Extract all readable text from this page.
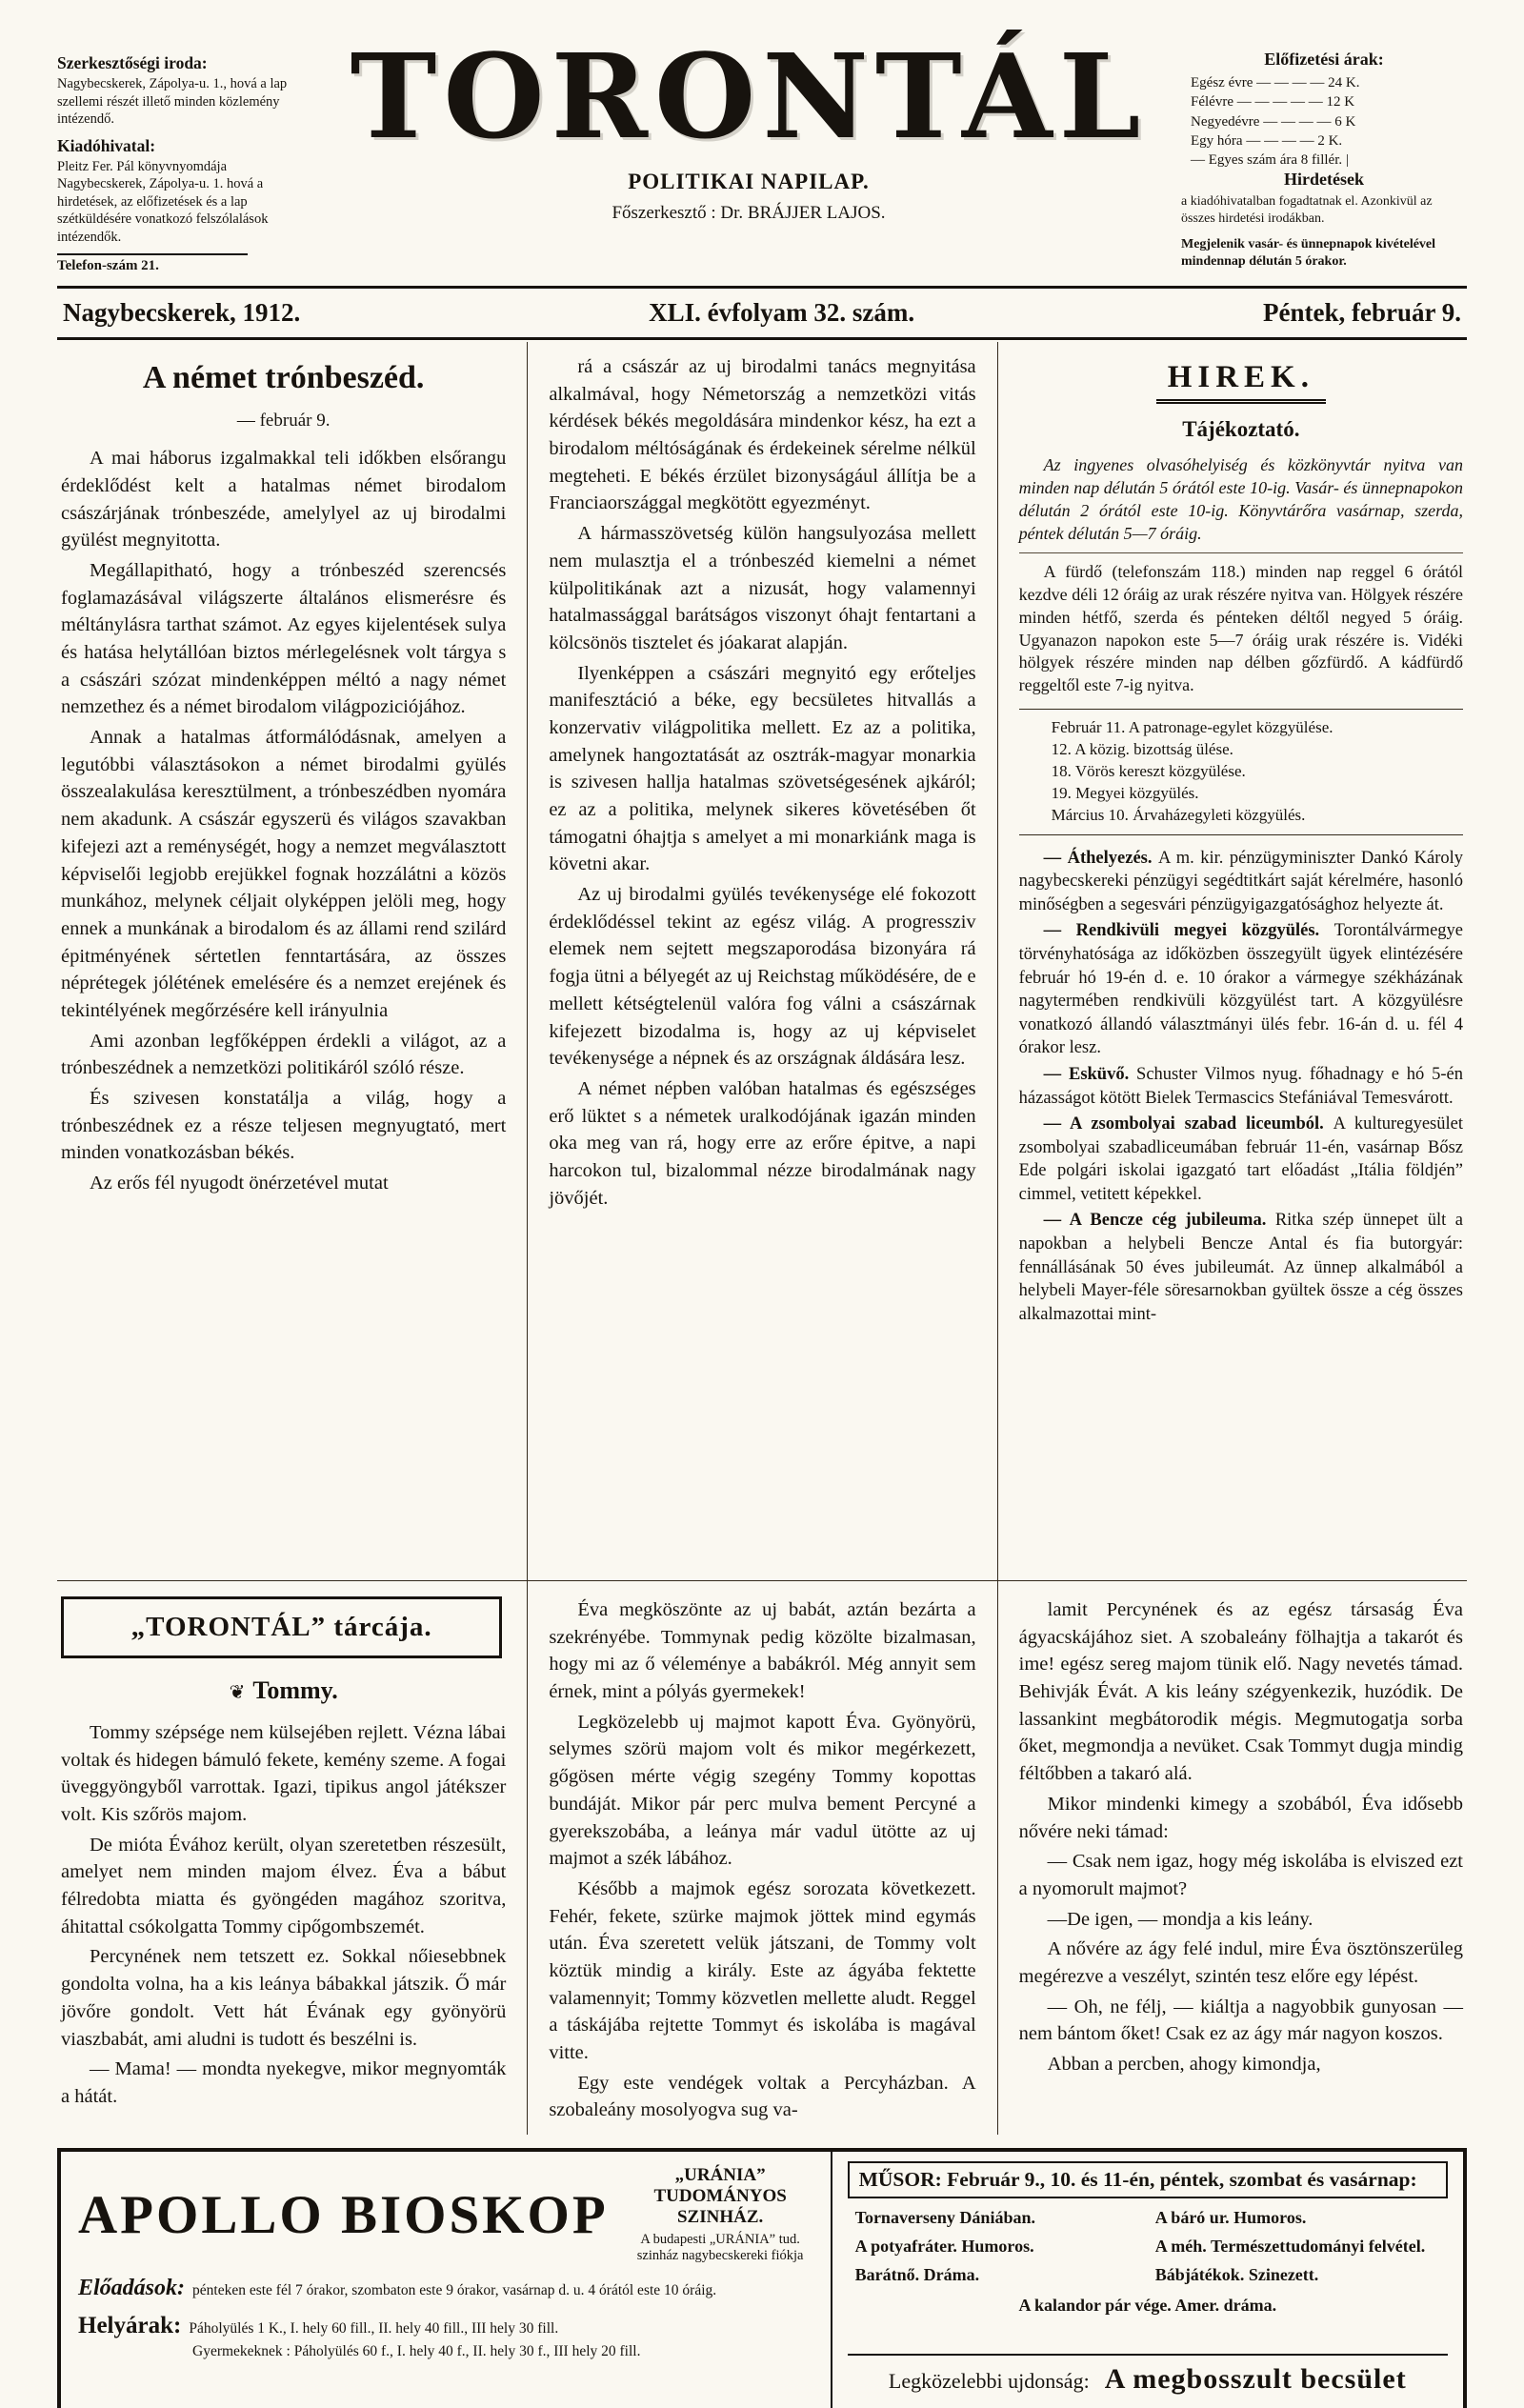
Szerkesztőségi iroda:
Nagybecskerek, Zápolya-u. 1., hová a lap szellemi részét illető minden közlemény intézendő.
Kiadóhivatal:
Pleitz Fer. Pál könyvnyomdája Nagybecskerek, Zápolya-u. 1. hová a hirdetések, az előfizetések és a lap szétküldésére vonatkozó felszólalások intézendők.
Telefon-szám 21.
TORONTÁL
POLITIKAI NAPILAP.
Főszerkesztő : Dr. BRÁJJER LAJOS.
Előfizetési árak:
Egész évre — — — — 24 K.
Félévre — — — — — 12 K
Negyedévre — — — — 6 K
Egy hóra — — — — 2 K.
— Egyes szám ára 8 fillér. |
Hirdetések
a kiadóhivatalban fogadtatnak el. Azonkivül az összes hirdetési irodákban.
Megjelenik vasár- és ünnepnapok kivételével mindennap délután 5 órakor.
Nagybecskerek, 1912.	XLI. évfolyam 32. szám.	Péntek, február 9.
A német trónbeszéd.
— február 9.

A mai háborus izgalmakkal teli időkben elsőrangu érdeklődést kelt a hatalmas német birodalom császárjának trónbeszéde, amelylyel az uj birodalmi gyülést megnyitotta.

Megállapitható, hogy a trónbeszéd szerencsés foglamazásával világszerte általános elismerésre és méltánylásra tarthat számot. Az egyes kijelentések sulya és hatása helytállóan biztos mérlegelésnek volt tárgya s a császári szózat mindenképpen méltó a nagy német nemzethez és a német birodalom világpoziciójához.

Annak a hatalmas átformálódásnak, amelyen a legutóbbi választásokon a német birodalmi gyülés összealakulása keresztülment, a trónbeszédben nyomára nem akadunk. A császár egyszerü és világos szavakban kifejezi azt a reménységét, hogy a nemzet megválasztott képviselői legjobb erejükkel fognak hozzálátni a közös munkához, melynek céljait olyképpen jelöli meg, hogy ennek a munkának a birodalom és az állami rend szilárd épitményének sértetlen fenntartására, az összes néprétegek jólétének emelésére és a nemzet erejének és tekintélyének megőrzésére kell irányulnia

Ami azonban legfőképpen érdekli a világot, az a trónbeszédnek a nemzetközi politikáról szóló része.

És szivesen konstatálja a világ, hogy a trónbeszédnek ez a része teljesen megnyugtató, mert minden vonatkozásban békés.

Az erős fél nyugodt önérzetével mutat

rá a császár az uj birodalmi tanács megnyitása alkalmával, hogy Németország a nemzetközi vitás kérdések békés megoldására mindenkor kész, ha ezt a birodalom méltóságának és érdekeinek sérelme nélkül megteheti. E békés érzület bizonyságául állítja be a Franciaországgal megkötött egyezményt.

A hármasszövetség külön hangsulyozása mellett nem mulasztja el a trónbeszéd kiemelni a német külpolitikának azt a nizusát, hogy valamennyi hatalmassággal barátságos viszonyt óhajt fentartani a kölcsönös tisztelet és jóakarat alapján.

Ilyenképpen a császári megnyitó egy erőteljes manifesztáció a béke, egy becsületes hitvallás a konzervativ világpolitika mellett. Ez az a politika, amelynek hangoztatását az osztrák-magyar monarkia is szivesen hallja hatalmas szövetségesének ajkáról; ez az a politika, melynek sikeres követésében őt támogatni óhajtja s amelyet a mi monarkiánk maga is követni akar.

Az uj birodalmi gyülés tevékenysége elé fokozott érdeklődéssel tekint az egész világ. A progressziv elemek nem sejtett megszaporodása bizonyára rá fogja ütni a bélyegét az uj Reichstag működésére, de e mellett kétségtelenül valóra fog válni a császárnak kifejezett bizodalma is, hogy az uj képviselet tevékenysége a népnek és az országnak áldására lesz.

A német népben valóban hatalmas és egészséges erő lüktet s a németek uralkodójának igazán minden oka meg van rá, hogy erre az erőre épitve, a napi harcokon tul, bizalommal nézze birodalmának nagy jövőjét.

HIREK.
Tájékoztató.

Az ingyenes olvasóhelyiség és közkönyvtár nyitva van minden nap délután 5 órától este 10-ig. Vasár- és ünnepnapokon délután 2 órától este 10-ig. Könyvtárőra vasárnap, szerda, péntek délután 5—7 óráig.

A fürdő (telefonszám 118.) minden nap reggel 6 órától kezdve déli 12 óráig az urak részére nyitva van. Hölgyek részére minden hétfő, szerda és pénteken déltől negyed 5 óráig. Ugyanazon napokon este 5—7 óráig urak részére is. Vidéki hölgyek részére minden nap délben gőzfürdő. A kádfürdő reggeltől este 7-ig nyitva.

Február 11. A patronage-egylet közgyülése.
12. A közig. bizottság ülése.
18. Vörös kereszt közgyülése.
19. Megyei közgyülés.
Március 10. Árvaházegyleti közgyülés.

— Áthelyezés. A m. kir. pénzügyminiszter Dankó Károly nagybecskereki pénzügyi segédtitkárt saját kérelmére, hasonló minőségben a segesvári pénzügyigazgatósághoz helyezte át.

— Rendkivüli megyei közgyülés. Torontálvármegye törvényhatósága az időközben összegyült ügyek elintézésére február hó 19-én d. e. 10 órakor a vármegye székházának nagytermében rendkivüli közgyülést tart. A közgyülésre vonatkozó állandó választmányi ülés febr. 16-án d. u. fél 4 órakor lesz.

— Esküvő. Schuster Vilmos nyug. főhadnagy e hó 5-én házasságot kötött Bielek Termascics Stefániával Temesvárott.

— A zsombolyai szabad liceumból. A kulturegyesület zsombolyai szabadliceumában február 11-én, vasárnap Bősz Ede polgári iskolai igazgató tart előadást „Itália földjén” cimmel, vetitett képekkel.

— A Bencze cég jubileuma. Ritka szép ünnepet ült a napokban a helybeli Bencze Antal és fia butorgyár: fennállásának 50 éves jubileumát. Az ünnep alkalmából a helybeli Mayer-féle söresarnokban gyültek össze a cég összes alkalmazottai mint-

„TORONTÁL” tárcája.
❦ Tommy.

Tommy szépsége nem külsejében rejlett. Vézna lábai voltak és hidegen bámuló fekete, kemény szeme. A fogai üveggyöngyből varrottak. Igazi, tipikus angol játékszer volt. Kis szőrös majom.

De mióta Évához került, olyan szeretetben részesült, amelyet nem minden majom élvez. Éva a bábut félredobta miatta és gyöngéden magához szoritva, áhitattal csókolgatta Tommy cipőgombszemét.

Percynének nem tetszett ez. Sokkal nőiesebbnek gondolta volna, ha a kis leánya bábakkal játszik. Ő már jövőre gondolt. Vett hát Évának egy gyönyörü viaszbabát, ami aludni is tudott és beszélni is.

— Mama! — mondta nyekegve, mikor megnyomták a hátát.

Éva megköszönte az uj babát, aztán bezárta a szekrényébe. Tommynak pedig közölte bizalmasan, hogy mi az ő véleménye a babákról. Még annyit sem érnek, mint a pólyás gyermekek!

Legközelebb uj majmot kapott Éva. Gyönyörü, selymes szörü majom volt és mikor megérkezett, gőgösen mérte végig szegény Tommy kopottas bundáját. Mikor pár perc mulva bement Percyné a gyerekszobába, a leánya már vadul ütötte az uj majmot a szék lábához.

Később a majmok egész sorozata következett. Fehér, fekete, szürke majmok jöttek mind egymás után. Éva szeretett velük játszani, de Tommy volt köztük mindig a király. Este az ágyába fektette valamennyit; Tommy közvetlen mellette aludt. Reggel a táskájába rejtette Tommyt és iskolába is magával vitte.

Egy este vendégek voltak a Percyházban. A szobaleány mosolyogva sug va-

lamit Percynének és az egész társaság Éva ágyacskájához siet. A szobaleány fölhajtja a takarót és ime! egész sereg majom tünik elő. Nagy nevetés támad. Behivják Évát. A kis leány szégyenkezik, huzódik. De lassankint megbátorodik mégis. Megmutogatja sorba őket, megmondja a nevüket. Csak Tommyt dugja mindig féltőbben a takaró alá.

Mikor mindenki kimegy a szobából, Éva idősebb nővére neki támad:

— Csak nem igaz, hogy még iskolába is elviszed ezt a nyomorult majmot?

—De igen, — mondja a kis leány.

A nővére az ágy felé indul, mire Éva ösztönszerüleg megérezve a veszélyt, szintén tesz előre egy lépést.

— Oh, ne félj, — kiáltja a nagyobbik gunyosan — nem bántom őket! Csak ez az ágy már nagyon koszos.

Abban a percben, ahogy kimondja,

APOLLO BIOSKOP
„URÁNIA” TUDOMÁNYOS SZINHÁZ.
A budapesti „URÁNIA” tud. szinház nagybecskereki fiókja
Előadások: pénteken este fél 7 órakor, szombaton este 9 órakor, vasárnap d. u. 4 órától este 10 óráig.
Helyárak: Páholyülés 1 K., I. hely 60 fill., II. hely 40 fill., III hely 30 fill.
Gyermekeknek : Páholyülés 60 f., I. hely 40 f., II. hely 30 f., III hely 20 fill.
MŰSOR: Február 9., 10. és 11-én, péntek, szombat és vasárnap:
Tornaverseny Dániában.
A potyafráter. Humoros.
Barátnő. Dráma.
A báró ur. Humoros.
A méh. Természettudományi felvétel.
Bábjátékok. Szinezett.
A kalandor pár vége. Amer. dráma.
Legközelebbi ujdonság: A megbosszult becsület
